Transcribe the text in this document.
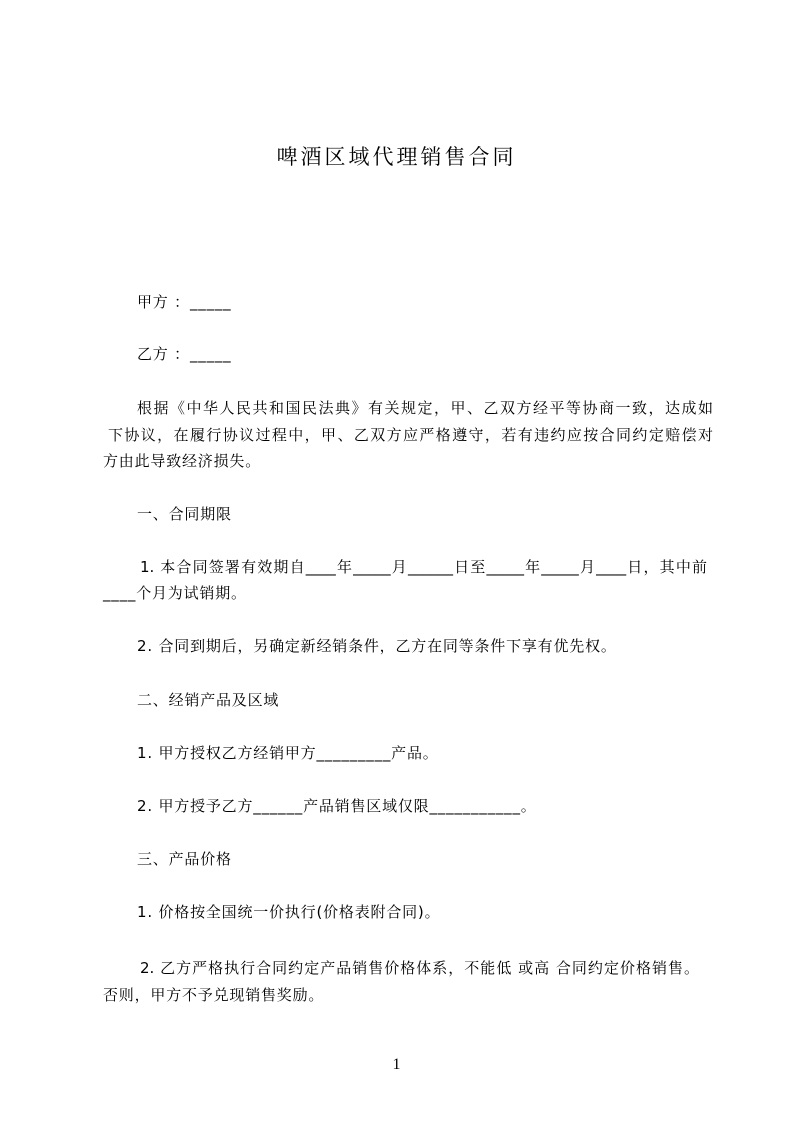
啤酒区域代理销售合同
甲方 ：_____
乙方 ：_____
根据《中华人民共和国民法典》有关规定，甲、乙双方经平等协商一致，达成如
下协议，在履行协议过程中，甲、乙双方应严格遵守，若有违约应按合同约定赔偿对
方由此导致经济损失。
一、合同期限
1. 本合同签署有效期自____年_____月______日至_____年_____月____日，其中前
____个月为试销期。
2. 合同到期后，另确定新经销条件，乙方在同等条件下享有优先权。
二、经销产品及区域
1. 甲方授权乙方经销甲方_________产品。
2. 甲方授予乙方______产品销售区域仅限___________。
三、产品价格
1. 价格按全国统一价执行(价格表附合同)。
2. 乙方严格执行合同约定产品销售价格体系，不能低 或高 合同约定价格销售。
否则，甲方不予兑现销售奖励。
1
